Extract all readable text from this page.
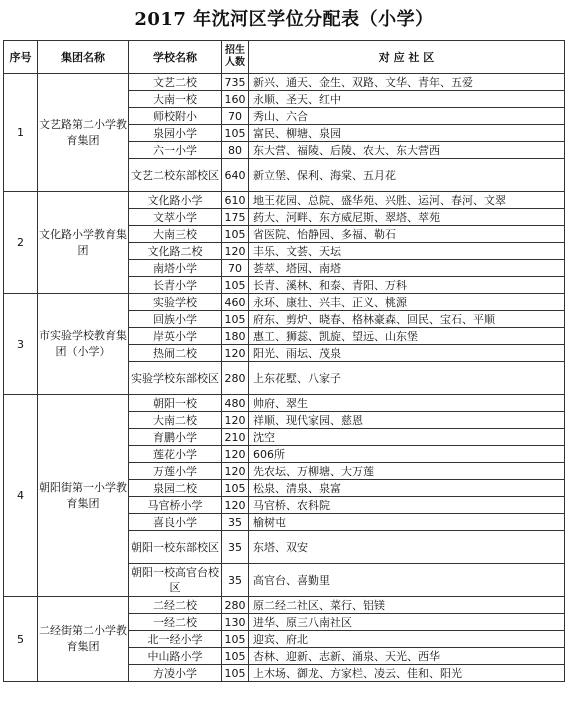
2017 年沈河区学位分配表（小学）
序号	集团名称	学校名称	招生人数	对 应 社 区
1	文艺路第二小学教育集团	文艺二校	735	新兴、通天、金生、双路、文华、青年、五爱
		大南一校	160	永顺、圣天、红中
		师校附小	70	秀山、六合
		泉园小学	105	富民、柳塘、泉园
		六一小学	80	东大营、福陵、后陵、农大、东大营西
		文艺二校东部校区	640	新立堡、保利、海棠、五月花
2	文化路小学教育集团	文化路小学	610	地王花园、总院、盛华苑、兴胜、运河、春河、文翠
		文萃小学	175	药大、河畔、东方威尼斯、翠塔、萃苑
		大南三校	105	省医院、怡静园、多福、勒石
		文化路二校	120	丰乐、文荟、天坛
		南塔小学	70	荟萃、塔园、南塔
		长青小学	105	长青、溪林、和泰、青阳、万科
3	市实验学校教育集团（小学）	实验学校	460	永环、康壮、兴丰、正义、桃源
		回族小学	105	府东、剪炉、晓春、格林豪森、回民、宝石、平顺
		岸英小学	180	惠工、狮蕊、凯旋、望远、山东堡
		热闹二校	120	阳光、雨坛、茂泉
		实验学校东部校区	280	上东花墅、八家子
4	朝阳街第一小学教育集团	朝阳一校	480	帅府、翠生
		大南二校	120	祥顺、现代家园、慈恩
		育鹏小学	210	沈空
		莲花小学	120	606所
		万莲小学	120	先农坛、万柳塘、大万莲
		泉园二校	105	松泉、清泉、泉富
		马官桥小学	120	马官桥、农科院
		喜良小学	35	榆树屯
		朝阳一校东部校区	35	东塔、双安
		朝阳一校高官台校区	35	高官台、喜勤里
5	二经街第二小学教育集团	二经二校	280	原二经二社区、菜行、铝镁
		一经二校	130	进华、原三八南社区
		北一经小学	105	迎宾、府北
		中山路小学	105	杏林、迎新、志新、涌泉、天光、西华
		方凌小学	105	上木场、御龙、方家栏、凌云、佳和、阳光
